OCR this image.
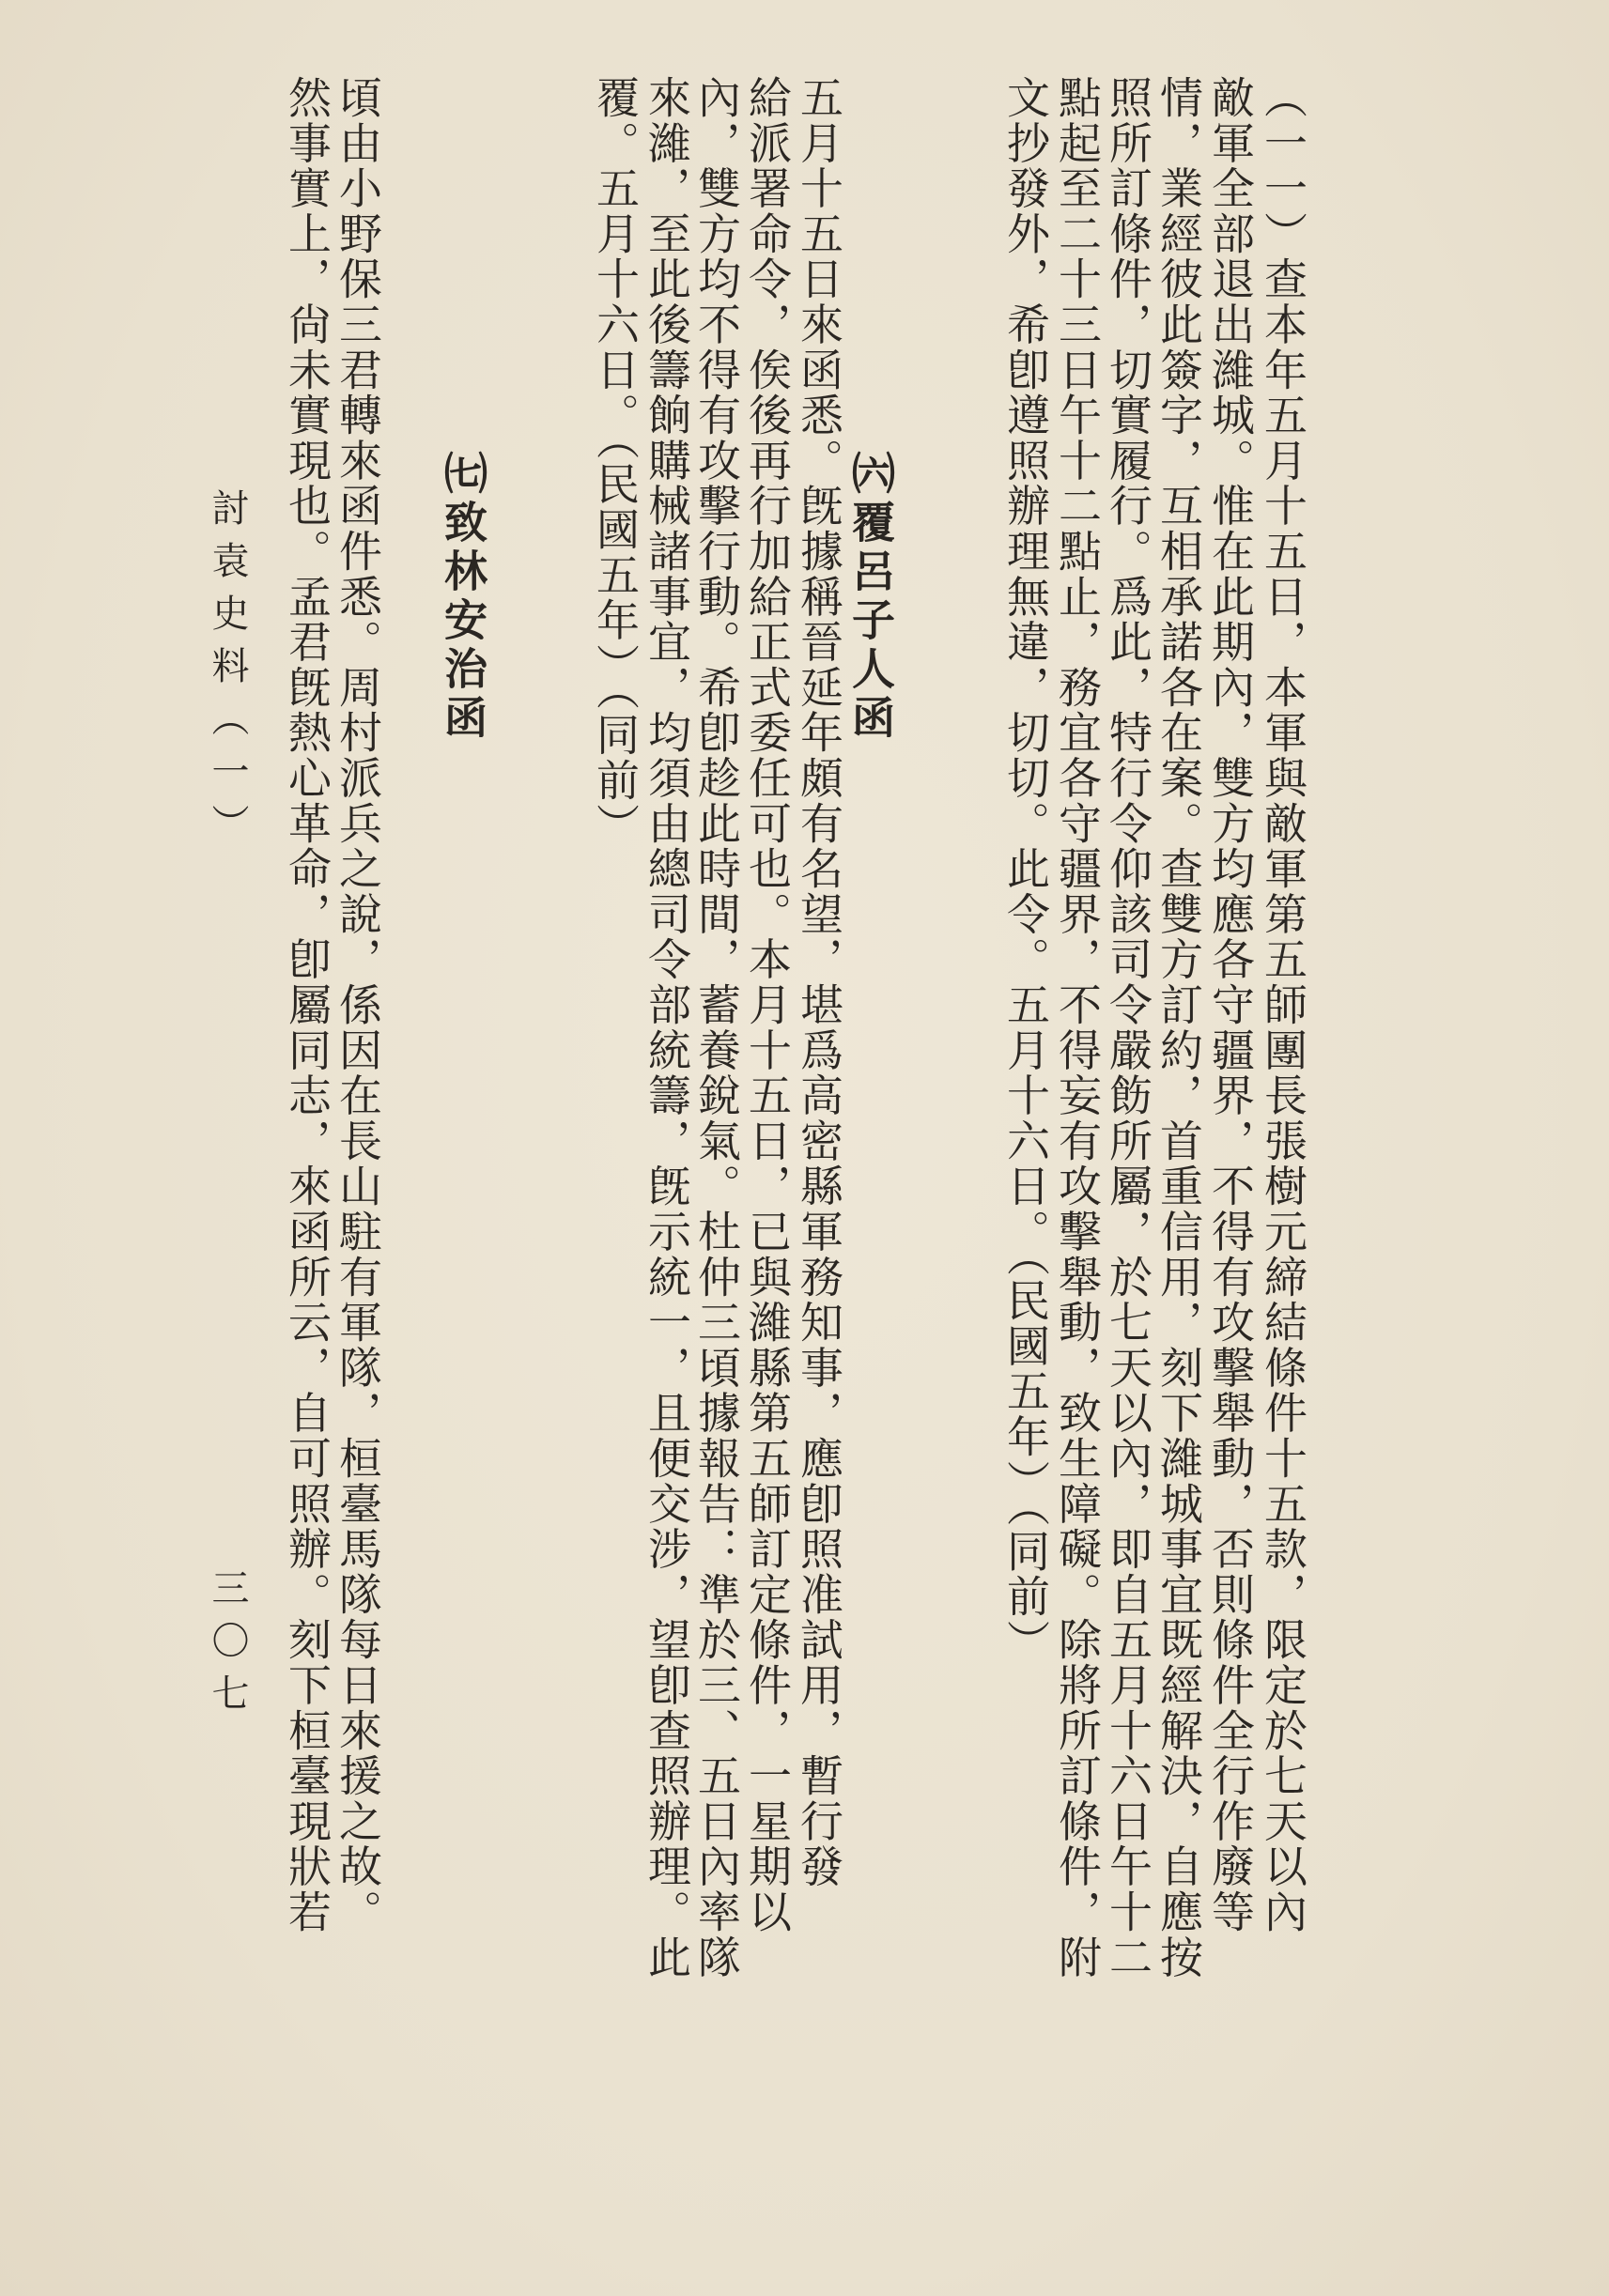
（一一）查本年五月十五日，本軍與敵軍第五師團長張樹元締結條件十五款，限定於七天以內
敵軍全部退出濰城。惟在此期內，雙方均應各守疆界，不得有攻擊舉動，否則條件全行作廢等
情，業經彼此簽字，互相承諾各在案。查雙方訂約，首重信用，刻下濰城事宜既經解決，自應按
照所訂條件，切實履行。爲此，特行令仰該司令嚴飭所屬，於七天以內，即自五月十六日午十二
點起至二十三日午十二點止，務宜各守疆界，不得妄有攻擊舉動，致生障礙。除將所訂條件，附
文抄發外，希卽遵照辦理無違，切切。此令。五月十六日。（民國五年）（同前）
㈥覆呂子人函
五月十五日來函悉。旣據稱晉延年頗有名望，堪爲高密縣軍務知事，應卽照准試用，暫行發
給派署命令，俟後再行加給正式委任可也。本月十五日，已與濰縣第五師訂定條件，一星期以
內，雙方均不得有攻擊行動。希卽趁此時間，蓄養銳氣。杜仲三頃據報告：準於三、五日內率隊
來濰，至此後籌餉購械諸事宜，均須由總司令部統籌，旣示統一，且便交涉，望卽查照辦理。此
覆。五月十六日。（民國五年）（同前）
㈦致林安治函
頃由小野保三君轉來函件悉。周村派兵之說，係因在長山駐有軍隊，桓臺馬隊每日來援之故。
然事實上，尙未實現也。孟君旣熱心革命，卽屬同志，來函所云，自可照辦。刻下桓臺現狀若
討袁史料（一）
三〇七
